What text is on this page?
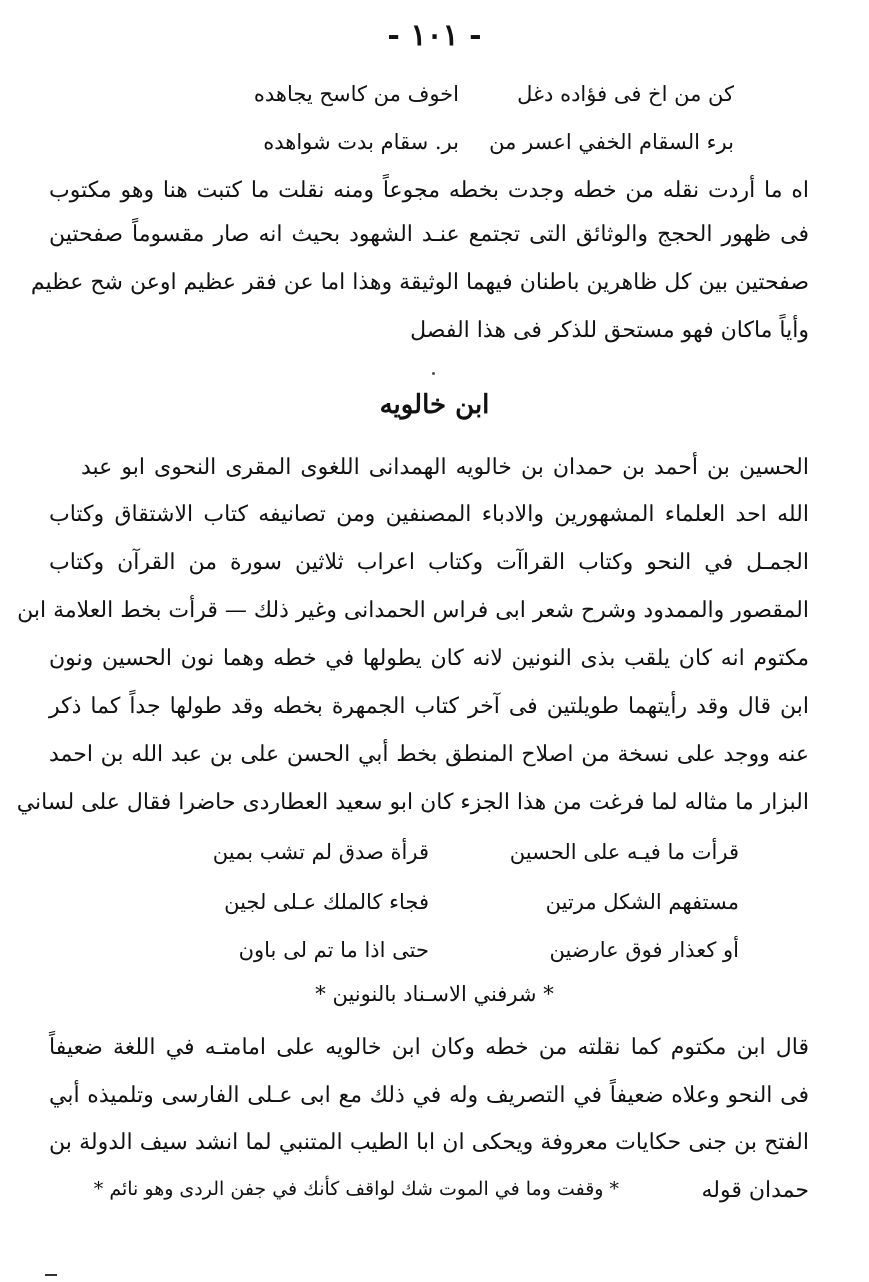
- ١٠١ -
كن من اخ فى فؤاده دغل
اخوف من كاسح يجاهده
برء السقام الخفي اعسر من
بر. سقام بدت شواهده
اه ما أردت نقله من خطه وجدت بخطه مجوعاً ومنه نقلت ما كتبت هنا وهو مكتوب
فى ظهور الحجج والوثائق التى تجتمع عنـد الشهود بحيث انه صار مقسوماً صفحتين
صفحتين بين كل ظاهرين باطنان فيهما الوثيقة وهذا اما عن فقر عظيم اوعن شح عظيم
وأياً ماكان فهو مستحق للذكر فى هذا الفصل
ابن خالويه
الحسين بن أحمد بن حمدان بن خالويه الهمدانى اللغوى المقرى النحوى ابو عبد
الله احد العلماء المشهورين والادباء المصنفين ومن تصانيفه كتاب الاشتقاق وكتاب
الجمـل في النحو وكتاب القراآت وكتاب اعراب ثلاثين سورة من القرآن وكتاب
المقصور والممدود وشرح شعر ابى فراس الحمدانى وغير ذلك — قرأت بخط العلامة ابن
مكتوم انه كان يلقب بذى النونين لانه كان يطولها في خطه وهما نون الحسين ونون
ابن قال وقد رأيتهما طويلتين فى آخر كتاب الجمهرة بخطه وقد طولها جداً كما ذكر
عنه ووجد على نسخة من اصلاح المنطق بخط أبي الحسن على بن عبد الله بن احمد
البزار ما مثاله لما فرغت من هذا الجزء كان ابو سعيد العطاردى حاضرا فقال على لساني
قرأت ما فيـه على الحسين
قرأة صدق لم تشب بمين
مستفهم الشكل مرتين
فجاء كالملك عـلى لجين
أو كعذار فوق عارضين
حتى اذا ما تم لى باون
* شرفني الاسـناد بالنونين *
قال ابن مكتوم كما نقلته من خطه وكان ابن خالويه على امامتـه في اللغة ضعيفاً
فى النحو وعلاه ضعيفاً في التصريف وله في ذلك مع ابى عـلى الفارسى وتلميذه أبي
الفتح بن جنى حكايات معروفة ويحكى ان ابا الطيب المتنبي لما انشد سيف الدولة بن
حمدان قوله
* وقفت وما في الموت شك لواقف كأنك في جفن الردى وهو نائم *
